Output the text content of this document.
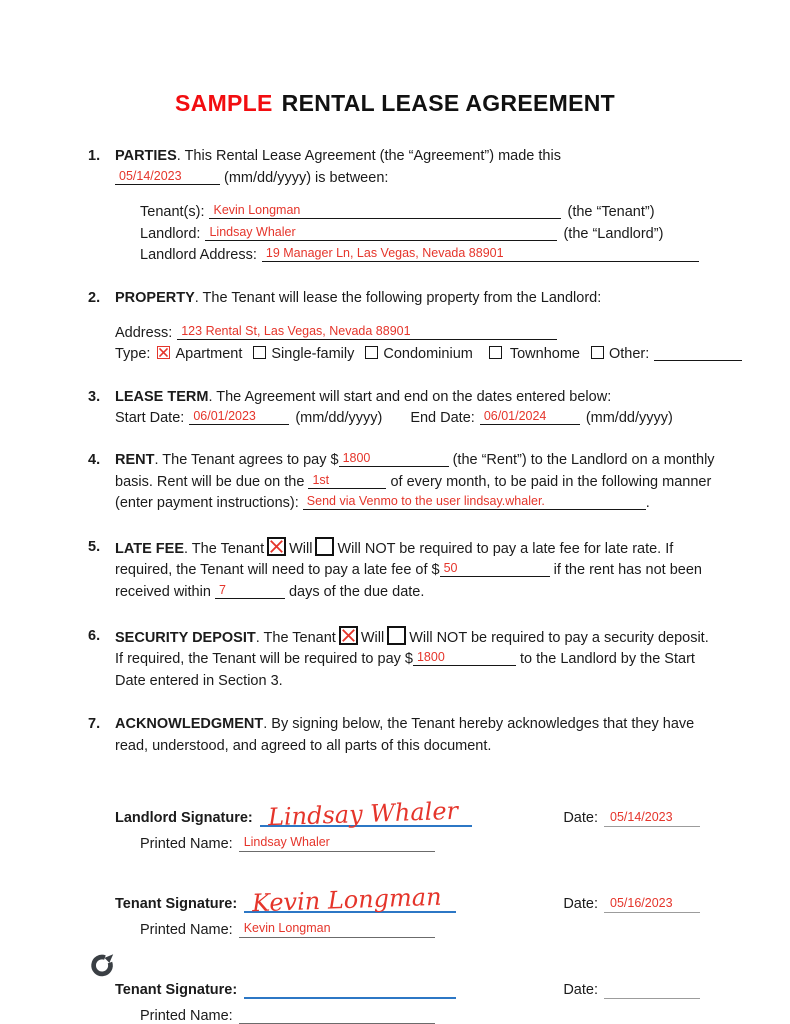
SAMPLE RENTAL LEASE AGREEMENT
1. PARTIES. This Rental Lease Agreement (the “Agreement”) made this
05/14/2023	(mm/dd/yyyy) is between:
Tenant(s): Kevin Longman	(the “Tenant”)
Landlord: Lindsay Whaler	(the “Landlord”)
Landlord Address: 19 Manager Ln, Las Vegas, Nevada 88901
2. PROPERTY. The Tenant will lease the following property from the Landlord:
Address: 123 Rental St, Las Vegas, Nevada 88901
Type: Apartment Single-family Condominium	Townhome Other:
3. LEASE TERM. The Agreement will start and end on the dates entered below:
Start Date: 06/01/2023	(mm/dd/yyyy) End Date: 06/01/2024	(mm/dd/yyyy)
4. RENT. The Tenant agrees to pay $ 1800	(the “Rent”) to the Landlord on a monthly
basis. Rent will be due on the 1st	of every month, to be paid in the following manner
(enter payment instructions): Send via Venmo to the user lindsay.whaler.	.
5. LATE FEE. The Tenant Will Will NOT be required to pay a late fee for late rate. If
required, the Tenant will need to pay a late fee of $ 50	if the rent has not been
received within 7	days of the due date.
6. SECURITY DEPOSIT. The Tenant Will Will NOT be required to pay a security deposit.
If required, the Tenant will be required to pay $ 1800	to the Landlord by the Start
Date entered in Section 3.
7. ACKNOWLEDGMENT. By signing below, the Tenant hereby acknowledges that they have
read, understood, and agreed to all parts of this document.
Landlord Signature: Lindsay Whaler	Date: 05/14/2023
Printed Name: Lindsay Whaler
Tenant Signature: Kevin Longman	Date: 05/16/2023
Printed Name: Kevin Longman
Tenant Signature:	Date:
Printed Name:
